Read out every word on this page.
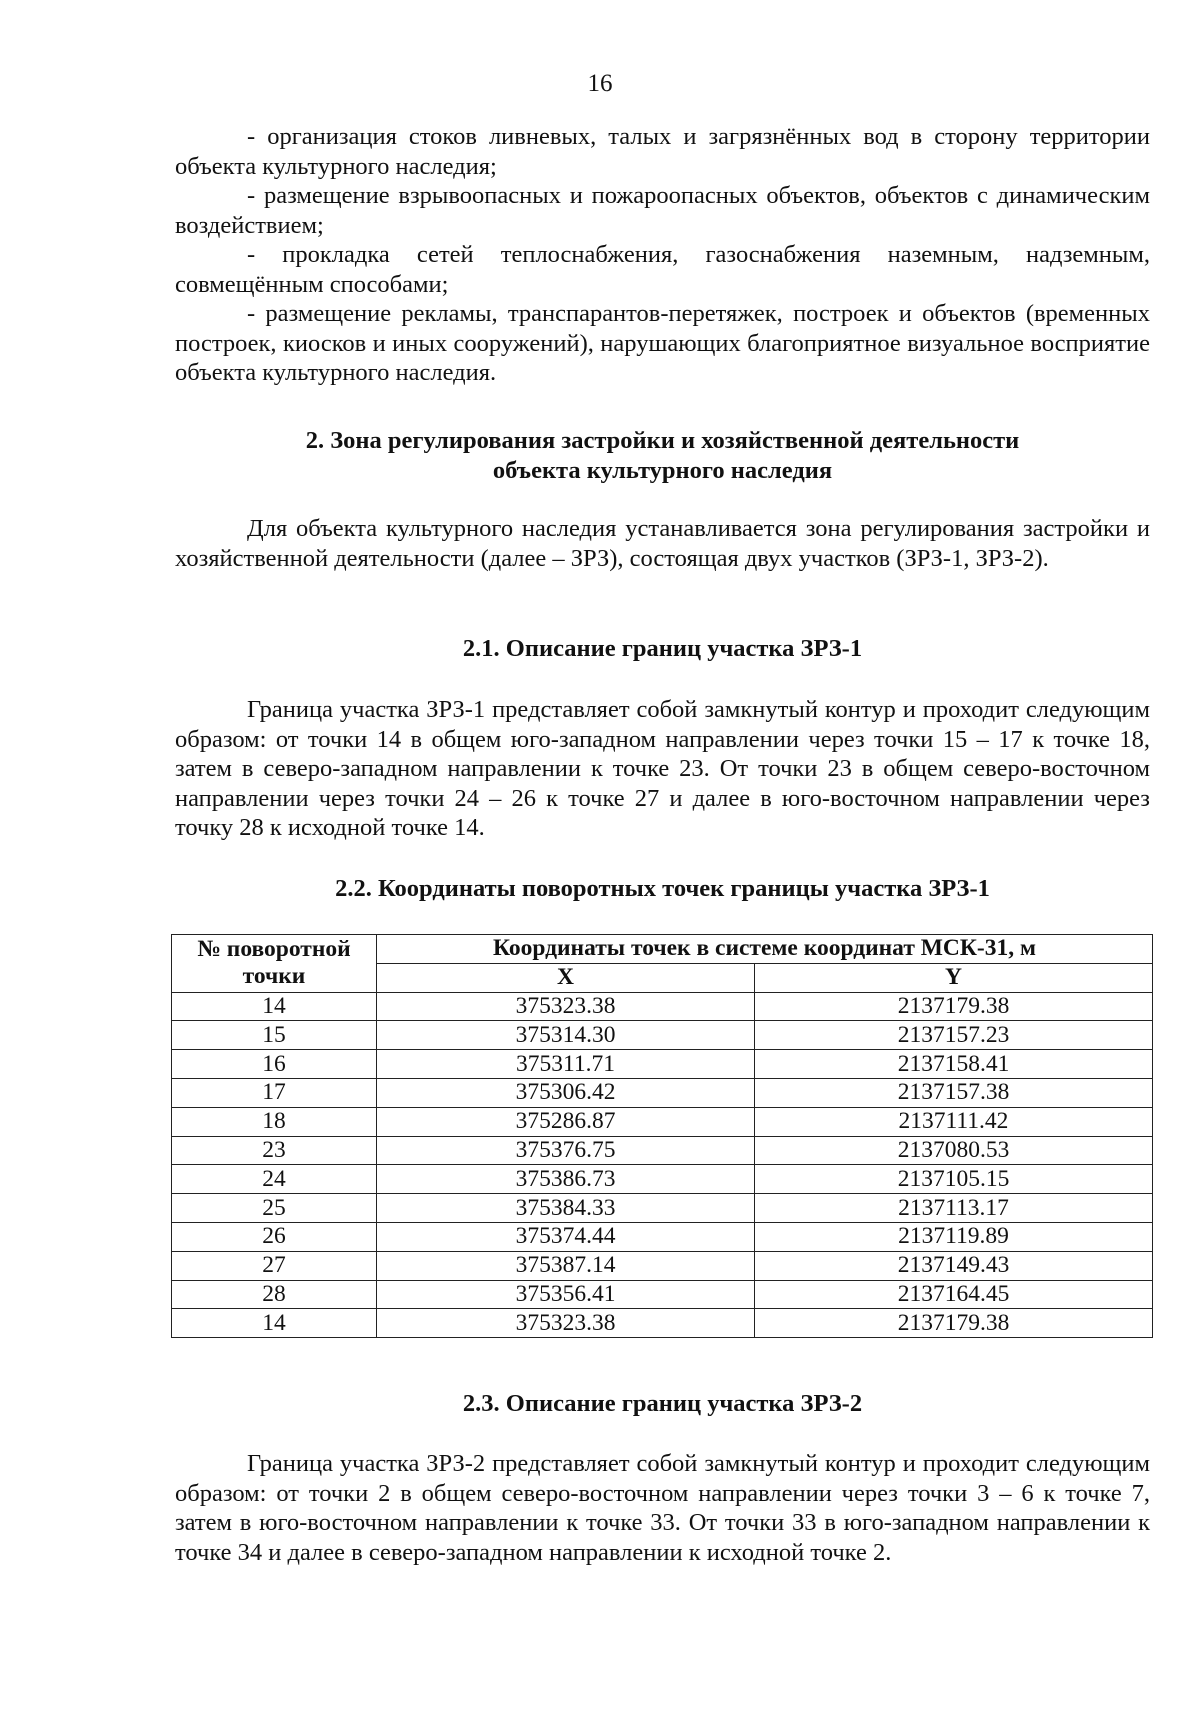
16

- организация стоков ливневых, талых и загрязнённых вод в сторону территории объекта культурного наследия;

- размещение взрывоопасных и пожароопасных объектов, объектов с динамическим воздействием;

- прокладка сетей теплоснабжения, газоснабжения наземным, надземным, совмещённым способами;

- размещение рекламы, транспарантов-перетяжек, построек и объектов (временных построек, киосков и иных сооружений), нарушающих благоприятное визуальное восприятие объекта культурного наследия.

2. Зона регулирования застройки и хозяйственной деятельности

объекта культурного наследия

Для объекта культурного наследия устанавливается зона регулирования застройки и хозяйственной деятельности (далее – ЗРЗ), состоящая двух участков (ЗРЗ-1, ЗРЗ-2).

2.1. Описание границ участка ЗРЗ-1

Граница участка ЗРЗ-1 представляет собой замкнутый контур и проходит следующим образом: от точки 14 в общем юго-западном направлении через точки 15 – 17 к точке 18, затем в северо-западном направлении к точке 23. От точки 23 в общем северо-восточном направлении через точки 24 – 26 к точке 27 и далее в юго-восточном направлении через точку 28 к исходной точке 14.

2.2. Координаты поворотных точек границы участка ЗРЗ-1

№ поворотной точки	Координаты точек в системе координат МСК-31, м	
	X	Y
14	375323.38	2137179.38
15	375314.30	2137157.23
16	375311.71	2137158.41
17	375306.42	2137157.38
18	375286.87	2137111.42
23	375376.75	2137080.53
24	375386.73	2137105.15
25	375384.33	2137113.17
26	375374.44	2137119.89
27	375387.14	2137149.43
28	375356.41	2137164.45
14	375323.38	2137179.38

2.3. Описание границ участка ЗРЗ-2

Граница участка ЗРЗ-2 представляет собой замкнутый контур и проходит следующим образом: от точки 2 в общем северо-восточном направлении через точки 3 – 6 к точке 7, затем в юго-восточном направлении к точке 33. От точки 33 в юго-западном направлении к точке 34 и далее в северо-западном направлении к исходной точке 2.
